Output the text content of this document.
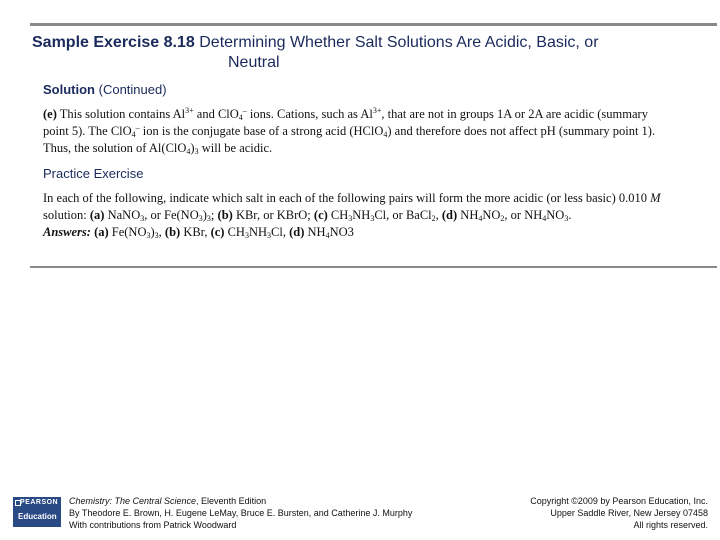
Sample Exercise 8.18 Determining Whether Salt Solutions Are Acidic, Basic, or
Neutral
Solution (Continued)
(e) This solution contains $Al^{3+}$ and ClO$_4$– ions. Cations, such as $Al^{3+}$, that are not in groups 1A or 2A are acidic (summary point 5). The ClO$_4$– ion is the conjugate base of a strong acid (HClO$_4$) and therefore does not affect pH (summary point 1). Thus, the solution of $Al(ClO_4)_3$ will be acidic.
Practice Exercise
In each of the following, indicate which salt in each of the following pairs will form the more acidic (or less basic) 0.010 M solution: (a) NaNO$_3$, or $Fe(NO_3)_3$; (b) KBr, or KBrO; (c) $CH_3NH_3Cl$, or BaCl$_2$, (d) $NH_4NO_2$, or $NH_4NO_3$.
Answers: (a) $Fe(NO_3)_3$, (b) KBr, (c) $CH_3NH_3Cl$, (d) $NH_4NO3$
PEARSON
Education
Chemistry: The Central Science, Eleventh Edition
By Theodore E. Brown, H. Eugene LeMay, Bruce E. Bursten, and Catherine J. Murphy
With contributions from Patrick Woodward
Copyright ©2009 by Pearson Education, Inc.
Upper Saddle River, New Jersey 07458
All rights reserved.
